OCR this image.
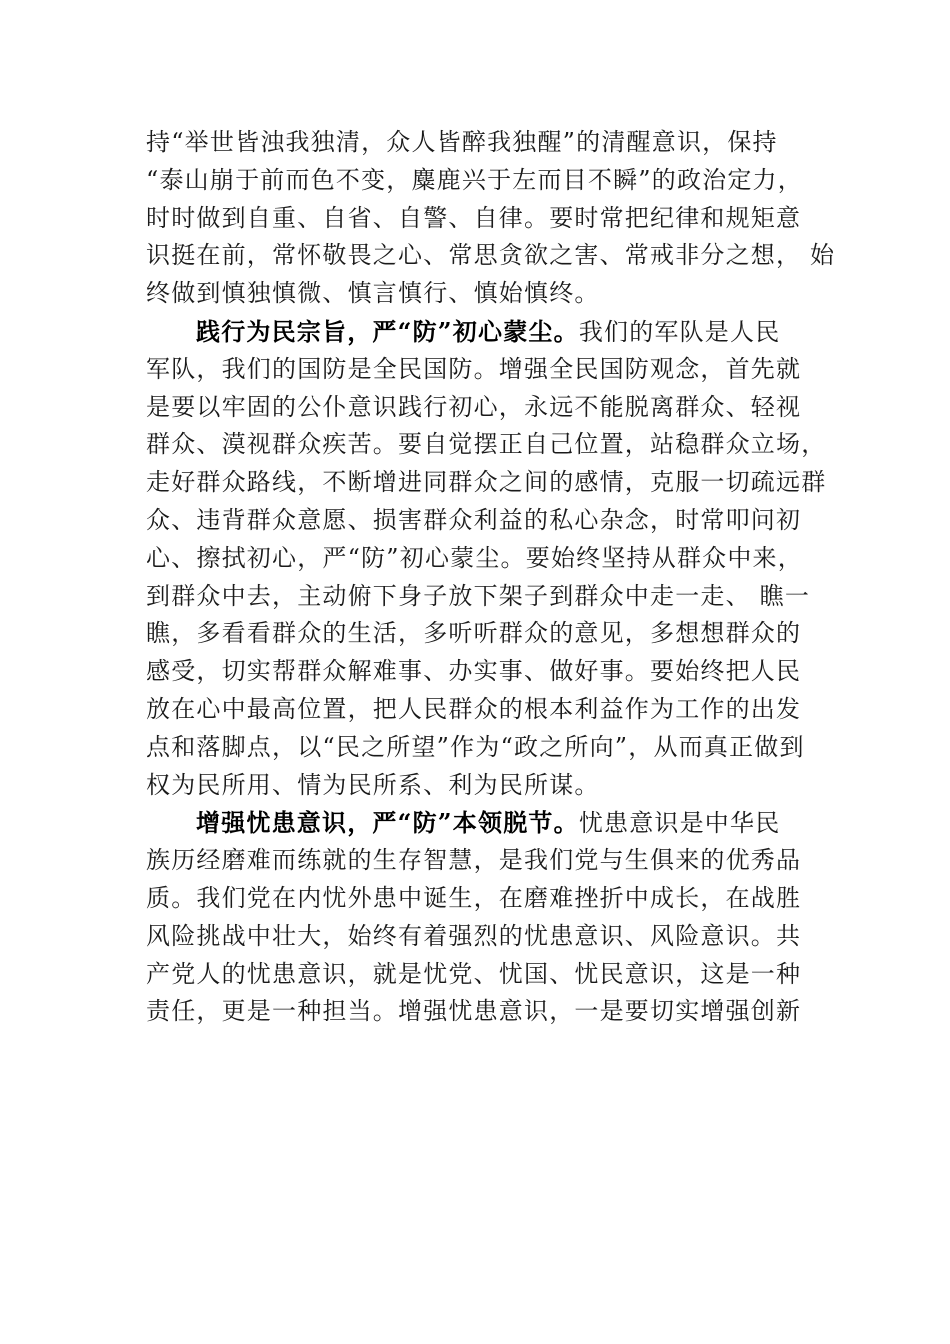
持“举世皆浊我独清，众人皆醉我独醒”的清醒意识，保持
“泰山崩于前而色不变，麋鹿兴于左而目不瞬”的政治定力，
时时做到自重、自省、自警、自律。要时常把纪律和规矩意
识挺在前，常怀敬畏之心、常思贪欲之害、常戒非分之想， 始
终做到慎独慎微、慎言慎行、慎始慎终。
践行为民宗旨，严“防”初心蒙尘。我们的军队是人民
军队，我们的国防是全民国防。增强全民国防观念，首先就
是要以牢固的公仆意识践行初心，永远不能脱离群众、轻视
群众、漠视群众疾苦。要自觉摆正自己位置，站稳群众立场，
走好群众路线，不断增进同群众之间的感情，克服一切疏远群
众、违背群众意愿、损害群众利益的私心杂念，时常叩问初
心、擦拭初心，严“防”初心蒙尘。要始终坚持从群众中来，
到群众中去，主动俯下身子放下架子到群众中走一走、 瞧一
瞧，多看看群众的生活，多听听群众的意见，多想想群众的
感受，切实帮群众解难事、办实事、做好事。要始终把人民
放在心中最高位置，把人民群众的根本利益作为工作的出发
点和落脚点，以“民之所望”作为“政之所向”，从而真正做到
权为民所用、情为民所系、利为民所谋。
增强忧患意识，严“防”本领脱节。忧患意识是中华民
族历经磨难而练就的生存智慧，是我们党与生俱来的优秀品
质。我们党在内忧外患中诞生，在磨难挫折中成长，在战胜
风险挑战中壮大，始终有着强烈的忧患意识、风险意识。共
产党人的忧患意识，就是忧党、忧国、忧民意识，这是一种
责任，更是一种担当。增强忧患意识，一是要切实增强创新
